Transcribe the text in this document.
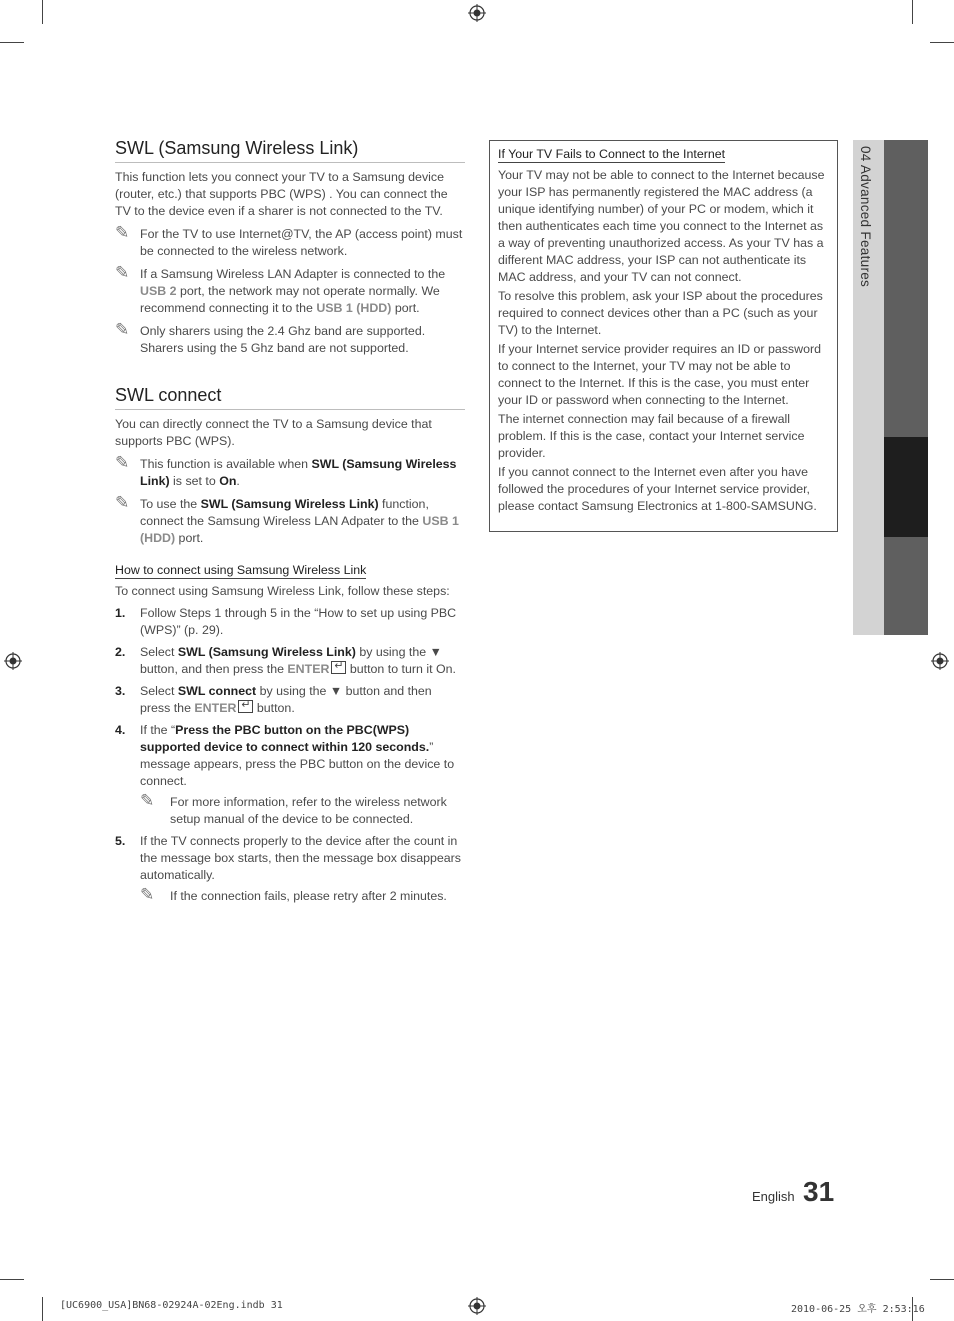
SWL (Samsung Wireless Link)

This function lets you connect your TV to a Samsung device (router, etc.) that supports PBC (WPS) . You can connect the TV to the device even if a sharer is not connected to the TV.

✎ For the TV to use Internet@TV, the AP (access point) must be connected to the wireless network.
✎ If a Samsung Wireless LAN Adapter is connected to the USB 2 port, the network may not operate normally. We recommend connecting it to the USB 1 (HDD) port.
✎ Only sharers using the 2.4 Ghz band are supported. Sharers using the 5 Ghz band are not supported.
SWL connect

You can directly connect the TV to a Samsung device that supports PBC (WPS).

✎ This function is available when SWL (Samsung Wireless Link) is set to On.
✎ To use the SWL (Samsung Wireless Link) function, connect the Samsung Wireless LAN Adpater to the USB 1 (HDD) port.
How to connect using Samsung Wireless Link

To connect using Samsung Wireless Link, follow these steps:

1. Follow Steps 1 through 5 in the “How to set up using PBC (WPS)” (p. 29).
2. Select SWL (Samsung Wireless Link) by using the ▼ button, and then press the ENTER↵ button to turn it On.
3. Select SWL connect by using the ▼ button and then press the ENTER↵ button.
4. If the “Press the PBC button on the PBC(WPS) supported device to connect within 120 seconds.” message appears, press the PBC button on the device to connect.
✎ For more information, refer to the wireless network setup manual of the device to be connected.
5. If the TV connects properly to the device after the count in the message box starts, then the message box disappears automatically.
✎ If the connection fails, please retry after 2 minutes.
If Your TV Fails to Connect to the Internet

Your TV may not be able to connect to the Internet because your ISP has permanently registered the MAC address (a unique identifying number) of your PC or modem, which it then authenticates each time you connect to the Internet as a way of preventing unauthorized access. As your TV has a different MAC address, your ISP can not authenticate its MAC address, and your TV can not connect.

To resolve this problem, ask your ISP about the procedures required to connect devices other than a PC (such as your TV) to the Internet.

If your Internet service provider requires an ID or password to connect to the Internet, your TV may not be able to connect to the Internet. If this is the case, you must enter your ID or password when connecting to the Internet.

The internet connection may fail because of a firewall problem. If this is the case, contact your Internet service provider.

If you cannot connect to the Internet even after you have followed the procedures of your Internet service provider, please contact Samsung Electronics at 1-800-SAMSUNG.

04 Advanced Features
English 31
[UC6900_USA]BN68-02924A-02Eng.indb 31	2010-06-25 오후 2:53:16
